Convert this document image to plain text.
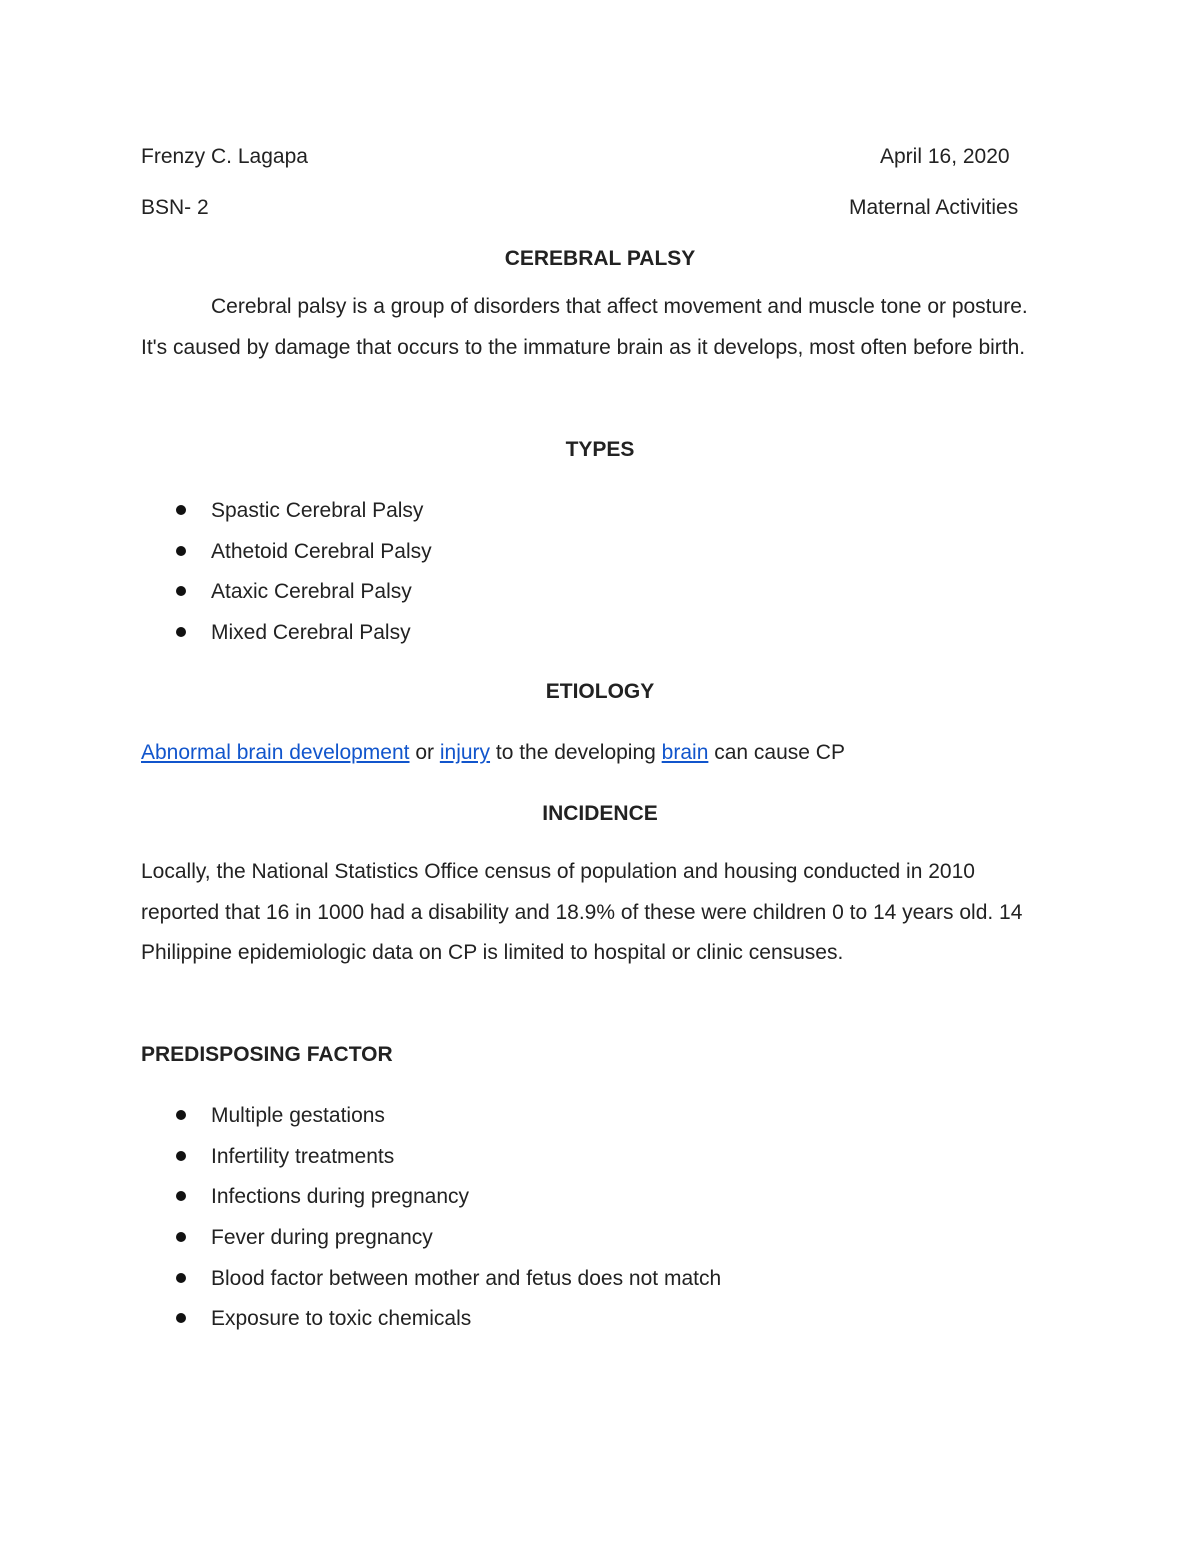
Frenzy C. Lagapa	April 16, 2020
BSN- 2	Maternal Activities
CEREBRAL PALSY

Cerebral palsy is a group of disorders that affect movement and muscle tone or posture. It's caused by damage that occurs to the immature brain as it develops, most often before birth.

TYPES
Spastic Cerebral Palsy
Athetoid Cerebral Palsy
Ataxic Cerebral Palsy
Mixed Cerebral Palsy
ETIOLOGY
Abnormal brain development or injury to the developing brain can cause CP
INCIDENCE

Locally, the National Statistics Office census of population and housing conducted in 2010 reported that 16 in 1000 had a disability and 18.9% of these were children 0 to 14 years old. 14 Philippine epidemiologic data on CP is limited to hospital or clinic censuses.

PREDISPOSING FACTOR
Multiple gestations
Infertility treatments
Infections during pregnancy
Fever during pregnancy
Blood factor between mother and fetus does not match
Exposure to toxic chemicals
